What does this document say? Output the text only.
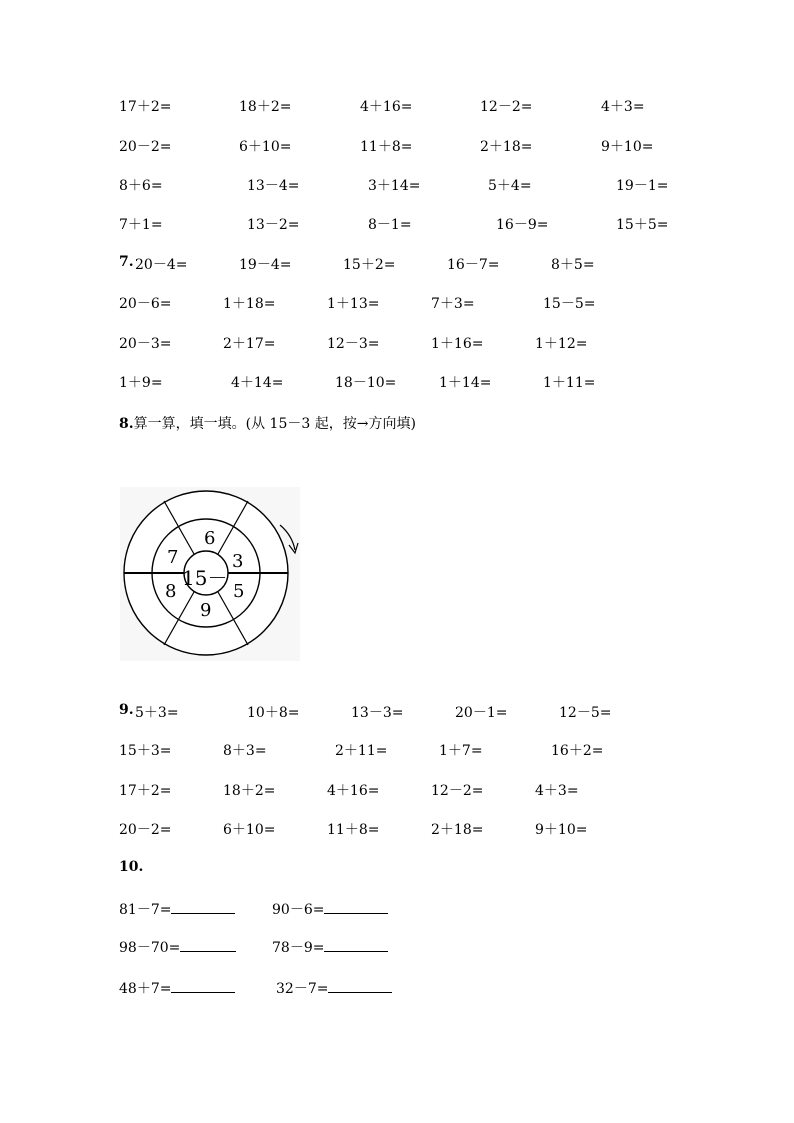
17＋2=	18＋2=	4＋16=	12－2=	4＋3=
20－2=	6＋10=	11＋8=	2＋18=	9＋10=
8＋6=	13－4=	3＋14=	5＋4=	19－1=
7＋1=	13－2=	8－1=	16－9=	15＋5=
7. 20－4=	19－4=	15＋2=	16－7=	8＋5=
20－6=	1＋18=	1＋13=	7＋3=	15－5=
20－3=	2＋17=	12－3=	1＋16=	1＋12=
1＋9=	4＋14=	18－10=	1＋14=	1＋11=
8.算一算，填一填。(从 15－3 起，按→方向填)
15－
6
3
5
9
8
7
9. 5＋3=	10＋8=	13－3=	20－1=	12－5=
15＋3=	8＋3=	2＋11=	1＋7=	16＋2=
17＋2=	18＋2=	4＋16=	12－2=	4＋3=
20－2=	6＋10=	11＋8=	2＋18=	9＋10=
10.
81－7=	90－6=
98－70=	78－9=
48＋7=	32－7=
